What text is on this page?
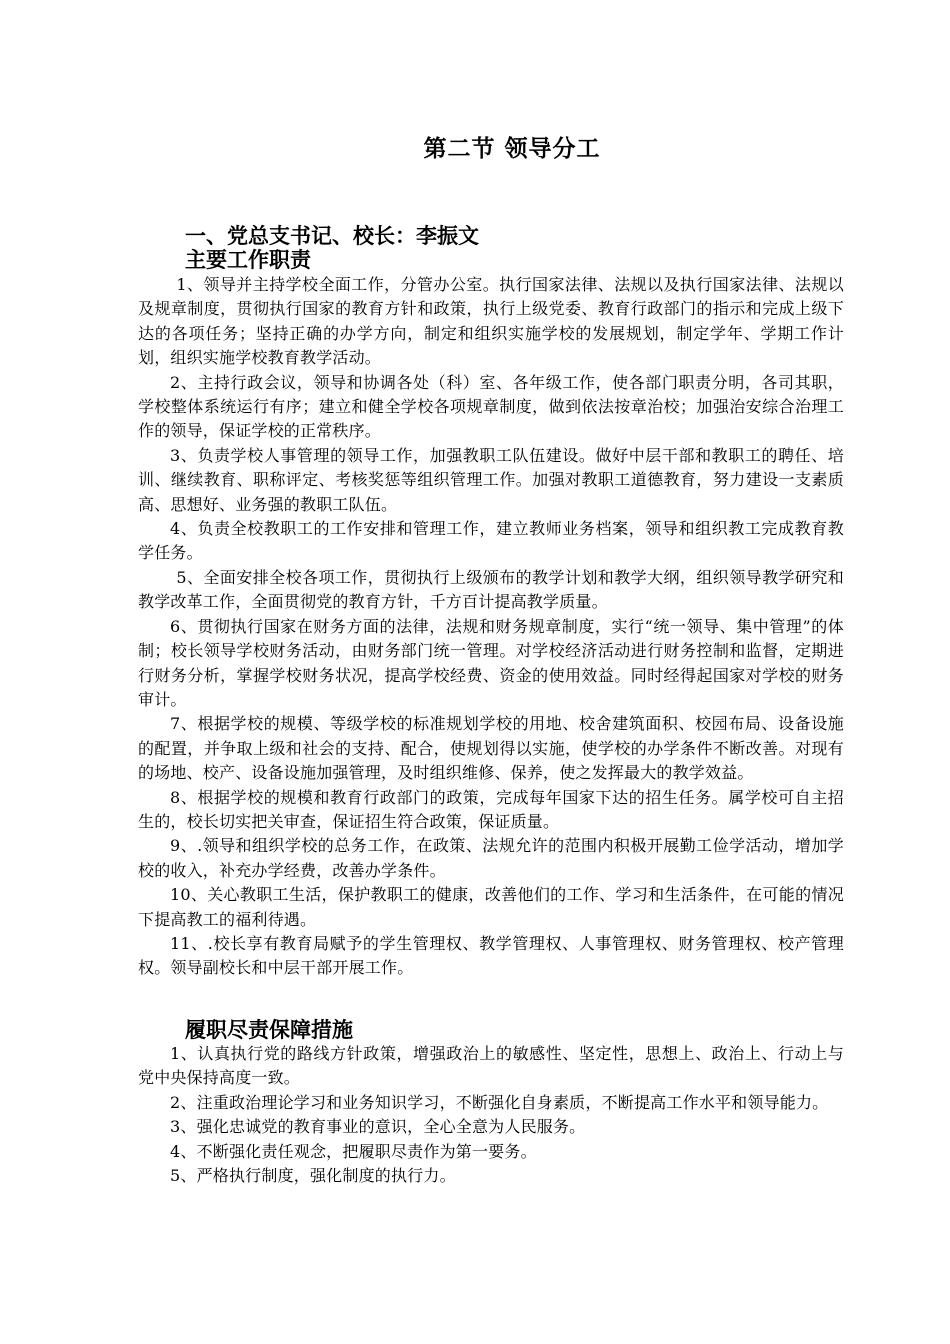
第二节 领导分工
一、党总支书记、校长：李振文
主要工作职责

1、领导并主持学校全面工作，分管办公室。执行国家法律、法规以及执行国家法律、法规以及规章制度，贯彻执行国家的教育方针和政策，执行上级党委、教育行政部门的指示和完成上级下达的各项任务；坚持正确的办学方向，制定和组织实施学校的发展规划，制定学年、学期工作计划，组织实施学校教育教学活动。

2、主持行政会议，领导和协调各处（科）室、各年级工作，使各部门职责分明，各司其职，学校整体系统运行有序；建立和健全学校各项规章制度，做到依法按章治校；加强治安综合治理工作的领导，保证学校的正常秩序。

3、负责学校人事管理的领导工作，加强教职工队伍建设。做好中层干部和教职工的聘任、培训、继续教育、职称评定、考核奖惩等组织管理工作。加强对教职工道德教育，努力建设一支素质高、思想好、业务强的教职工队伍。

4、负责全校教职工的工作安排和管理工作，建立教师业务档案，领导和组织教工完成教育教学任务。

5、全面安排全校各项工作，贯彻执行上级颁布的教学计划和教学大纲，组织领导教学研究和教学改革工作，全面贯彻党的教育方针，千方百计提高教学质量。

6、贯彻执行国家在财务方面的法律，法规和财务规章制度，实行“统一领导、集中管理”的体制；校长领导学校财务活动，由财务部门统一管理。对学校经济活动进行财务控制和监督，定期进行财务分析，掌握学校财务状况，提高学校经费、资金的使用效益。同时经得起国家对学校的财务审计。

7、根据学校的规模、等级学校的标准规划学校的用地、校舍建筑面积、校园布局、设备设施的配置，并争取上级和社会的支持、配合，使规划得以实施，使学校的办学条件不断改善。对现有的场地、校产、设备设施加强管理，及时组织维修、保养，使之发挥最大的教学效益。

8、根据学校的规模和教育行政部门的政策，完成每年国家下达的招生任务。属学校可自主招生的，校长切实把关审查，保证招生符合政策，保证质量。

9、.领导和组织学校的总务工作，在政策、法规允许的范围内积极开展勤工俭学活动，增加学校的收入，补充办学经费，改善办学条件。

10、关心教职工生活，保护教职工的健康，改善他们的工作、学习和生活条件，在可能的情况下提高教工的福利待遇。

11、.校长享有教育局赋予的学生管理权、教学管理权、人事管理权、财务管理权、校产管理权。领导副校长和中层干部开展工作。

履职尽责保障措施

1、认真执行党的路线方针政策，增强政治上的敏感性、坚定性，思想上、政治上、行动上与党中央保持高度一致。

2、注重政治理论学习和业务知识学习，不断强化自身素质，不断提高工作水平和领导能力。

3、强化忠诚党的教育事业的意识，全心全意为人民服务。

4、不断强化责任观念，把履职尽责作为第一要务。

5、严格执行制度，强化制度的执行力。
